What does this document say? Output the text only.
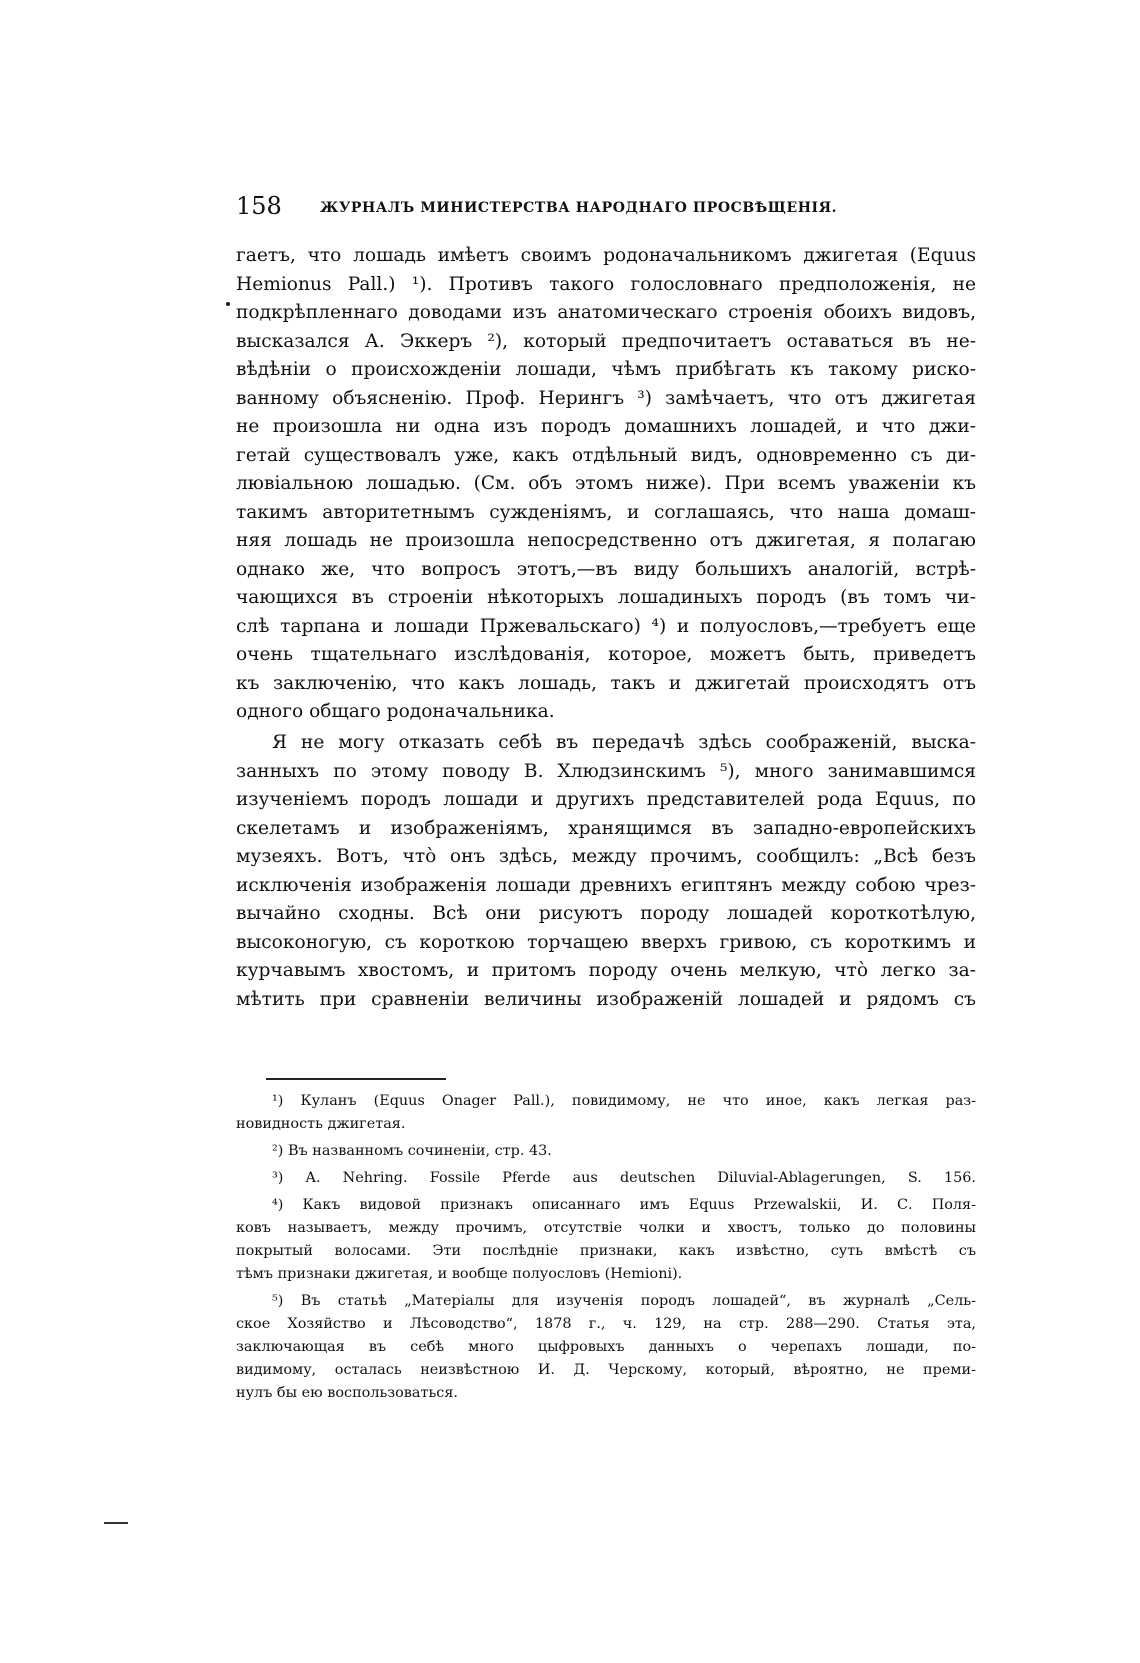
158	ЖУРНАЛЪ МИНИСТЕРСТВА НАРОДНАГО ПРОСВѢЩЕНІЯ.
гаетъ, что лошадь имѣетъ своимъ родоначальникомъ джигетая (Equus
Hemionus Pall.) ¹). Противъ такого голословнаго предположенія, не
подкрѣпленнаго доводами изъ анатомическаго строенія обоихъ видовъ,
высказался А. Эккеръ ²), который предпочитаетъ оставаться въ не-
вѣдѣніи о происхожденіи лошади, чѣмъ прибѣгать къ такому рискo-
ванному объясненію. Проф. Нерингъ ³) замѣчаетъ, что отъ джигетая
не произошла ни одна изъ породъ домашнихъ лошадей, и что джи-
гетай существовалъ уже, какъ отдѣльный видъ, одновременно съ ди-
лювіальною лошадью. (См. объ этомъ ниже). При всемъ уваженіи къ
такимъ авторитетнымъ сужденіямъ, и соглашаясь, что наша домаш-
няя лошадь не произошла непосредственно отъ джигетая, я полагаю
однако же, что вопросъ этотъ,—въ виду большихъ аналогій, встрѣ-
чающихся въ строеніи нѣкоторыхъ лошадиныхъ породъ (въ томъ чи-
слѣ тарпана и лошади Пржевальскаго) ⁴) и полуословъ,—требуетъ еще
очень тщательнаго изслѣдованія, которое, можетъ быть, приведетъ
къ заключенію, что какъ лошадь, такъ и джигетай происходятъ отъ
одного общаго родоначальника.
Я не могу отказать себѣ въ передачѣ здѣсь соображеній, выска-
занныхъ по этому поводу В. Хлюдзинскимъ ⁵), много занимавшимся
изученіемъ породъ лошади и другихъ представителей рода Equus, по
скелетамъ и изображеніямъ, хранящимся въ западно-европейскихъ
музеяхъ. Вотъ, что̀ онъ здѣсь, между прочимъ, сообщилъ: „Всѣ безъ
исключенія изображенія лошади древнихъ египтянъ между собою чрез-
вычайно сходны. Всѣ они рисуютъ породу лошадей короткотѣлую,
высоконогую, съ короткою торчащею вверхъ гривою, съ короткимъ и
курчавымъ хвостомъ, и притомъ породу очень мелкую, что̀ легко за-
мѣтить при сравненіи величины изображеній лошадей и рядомъ съ
¹) Куланъ (Equus Onager Pall.), повидимому, не что иное, какъ легкая раз-
новидность джигетая.
²) Въ названномъ сочиненіи, стр. 43.
³) A. Nehring. Fossile Pferde aus deutschen Diluvial-Ablagerungen, S. 156.
⁴) Какъ видовой признакъ описаннаго имъ Equus Przewalskii, И. С. Поля-
ковъ называетъ, между прочимъ, отсутствіе чолки и хвостъ, только до половины
покрытый волосами. Эти послѣдніе признаки, какъ извѣстно, суть вмѣстѣ съ
тѣмъ признаки джигетая, и вообще полуословъ (Hemioni).
⁵) Въ статьѣ „Матеріалы для изученія породъ лошадей“, въ журналѣ „Сель-
ское Хозяйство и Лѣсоводство“, 1878 г., ч. 129, на стр. 288—290. Статья эта,
заключающая въ себѣ много цыфровыхъ данныхъ о черепахъ лошади, по-
видимому, осталась неизвѣстною И. Д. Черскому, который, вѣроятно, не преми-
нулъ бы ею воспользоваться.
